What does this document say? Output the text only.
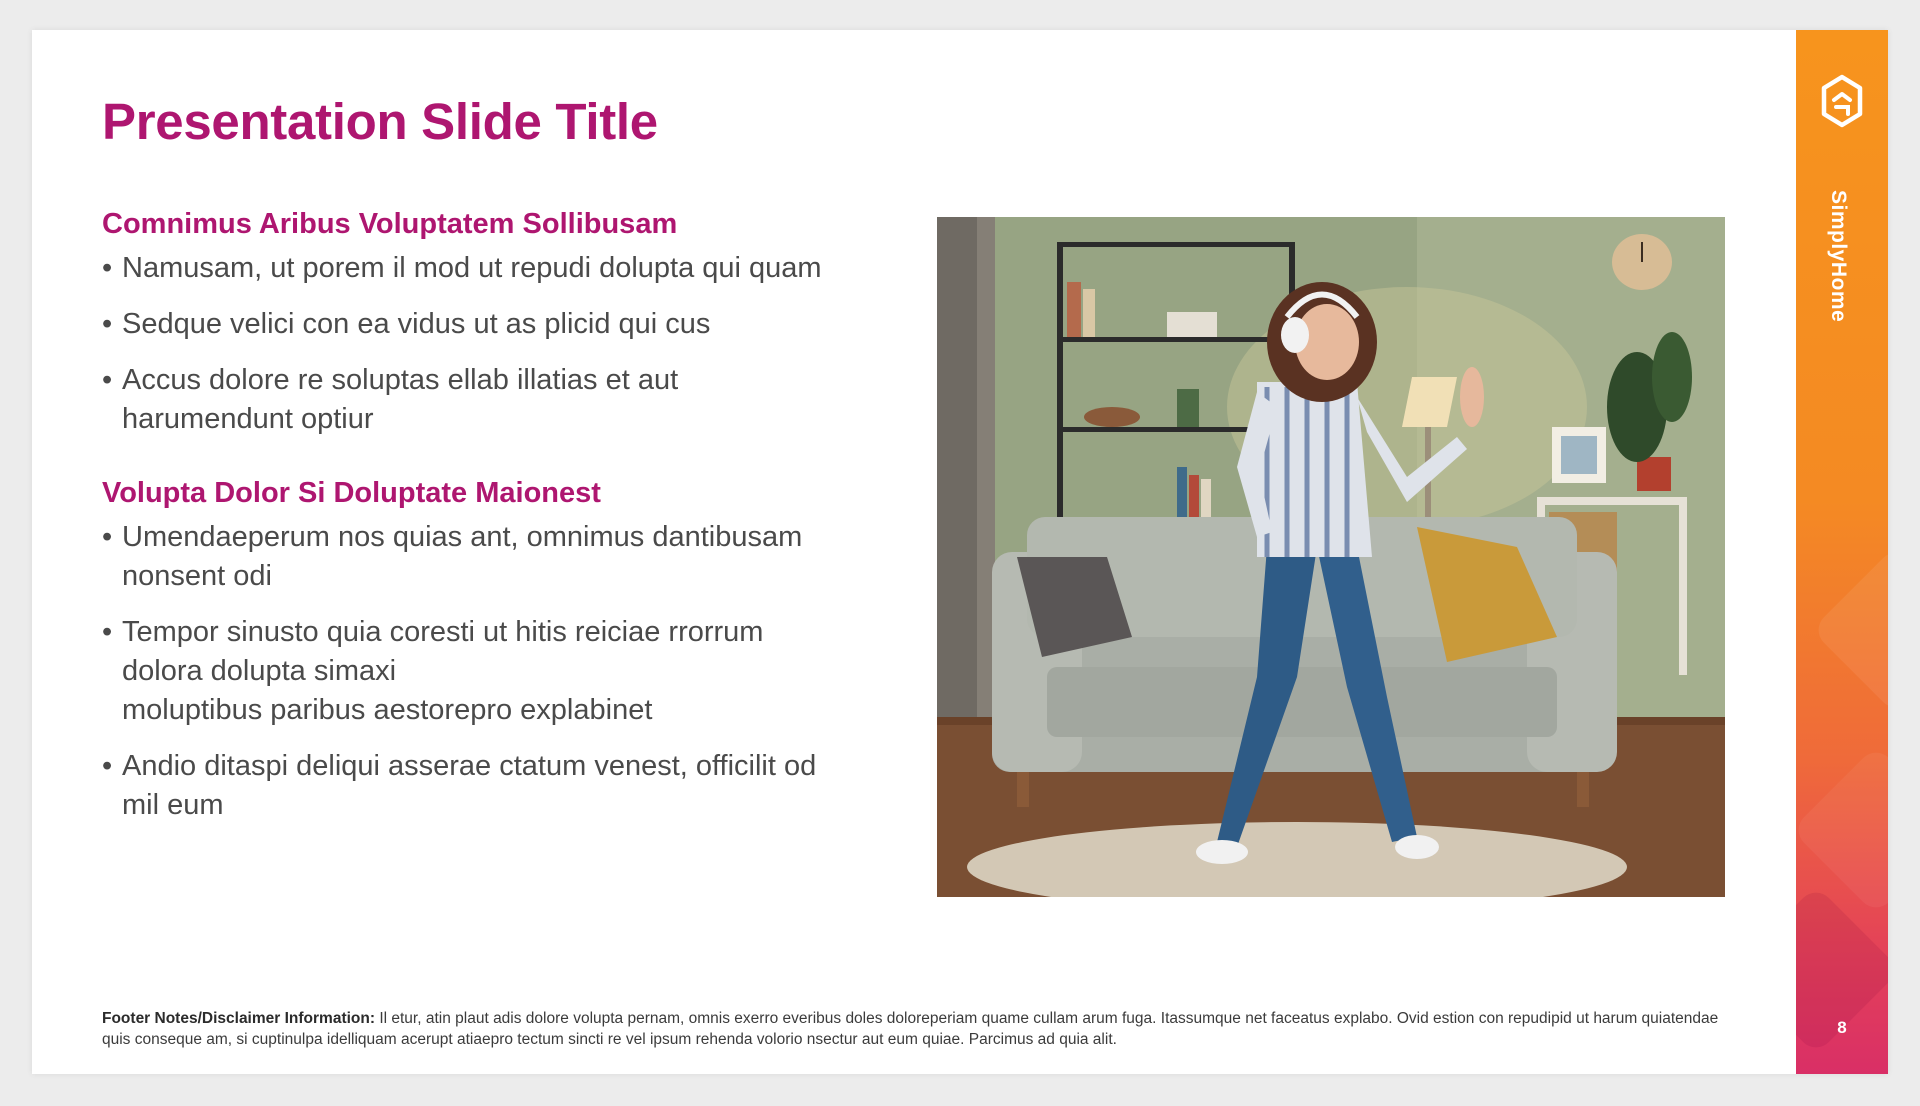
Presentation Slide Title
Comnimus Aribus Voluptatem Sollibusam
• Namusam, ut porem il mod ut repudi dolupta qui quam
• Sedque velici con ea vidus ut as plicid qui cus
• Accus dolore re soluptas ellab illatias et aut
harumendunt optiur
Volupta Dolor Si Doluptate Maionest
• Umendaeperum nos quias ant, omnimus dantibusam
nonsent odi
• Tempor sinusto quia coresti ut hitis reiciae rrorrum
dolora dolupta simaxi
moluptibus paribus aestorepro explabinet
• Andio ditaspi deliqui asserae ctatum venest, officilit od
mil eum
Footer Notes/Disclaimer Information: Il etur, atin plaut adis dolore volupta pernam, omnis exerro everibus doles doloreperiam quame cullam arum fuga. Itassumque net faceatus explabo. Ovid estion con repudipid ut harum quiatendae quis conseque am, si cuptinulpa idelliquam acerupt atiaepro tectum sincti re vel ipsum rehenda volorio nsectur aut eum quiae. Parcimus ad quia alit.
SimplyHome
8
